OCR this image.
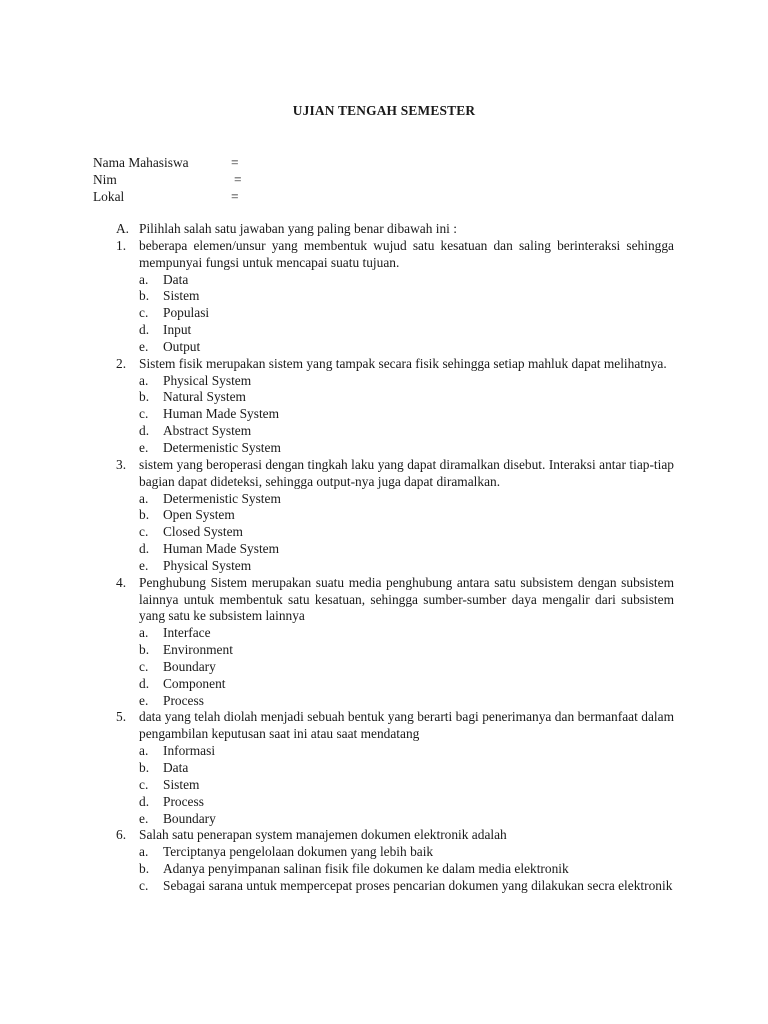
UJIAN TENGAH SEMESTER
Nama Mahasiswa	=
Nim	=
Lokal	=
A. Pilihlah salah satu jawaban yang paling benar dibawah ini :
1. beberapa elemen/unsur yang membentuk wujud satu kesatuan dan saling berinteraksi sehingga mempunyai fungsi untuk mencapai suatu tujuan.
a. Data
b. Sistem
c. Populasi
d. Input
e. Output
2. Sistem fisik merupakan sistem yang tampak secara fisik sehingga setiap mahluk dapat melihatnya.
a. Physical System
b. Natural System
c. Human Made System
d. Abstract System
e. Determenistic System
3. sistem yang beroperasi dengan tingkah laku yang dapat diramalkan disebut. Interaksi antar tiap-tiap bagian dapat dideteksi, sehingga output-nya juga dapat diramalkan.
a. Determenistic System
b. Open System
c. Closed System
d. Human Made System
e. Physical System
4. Penghubung Sistem merupakan suatu media penghubung antara satu subsistem dengan subsistem lainnya untuk membentuk satu kesatuan, sehingga sumber-sumber daya mengalir dari subsistem yang satu ke subsistem lainnya
a. Interface
b. Environment
c. Boundary
d. Component
e. Process
5. data yang telah diolah menjadi sebuah bentuk yang berarti bagi penerimanya dan bermanfaat dalam pengambilan keputusan saat ini atau saat mendatang
a. Informasi
b. Data
c. Sistem
d. Process
e. Boundary
6. Salah satu penerapan system manajemen dokumen elektronik adalah
a. Terciptanya pengelolaan dokumen yang lebih baik
b. Adanya penyimpanan salinan fisik file dokumen ke dalam media elektronik
c. Sebagai sarana untuk mempercepat proses pencarian dokumen yang dilakukan secra elektronik
